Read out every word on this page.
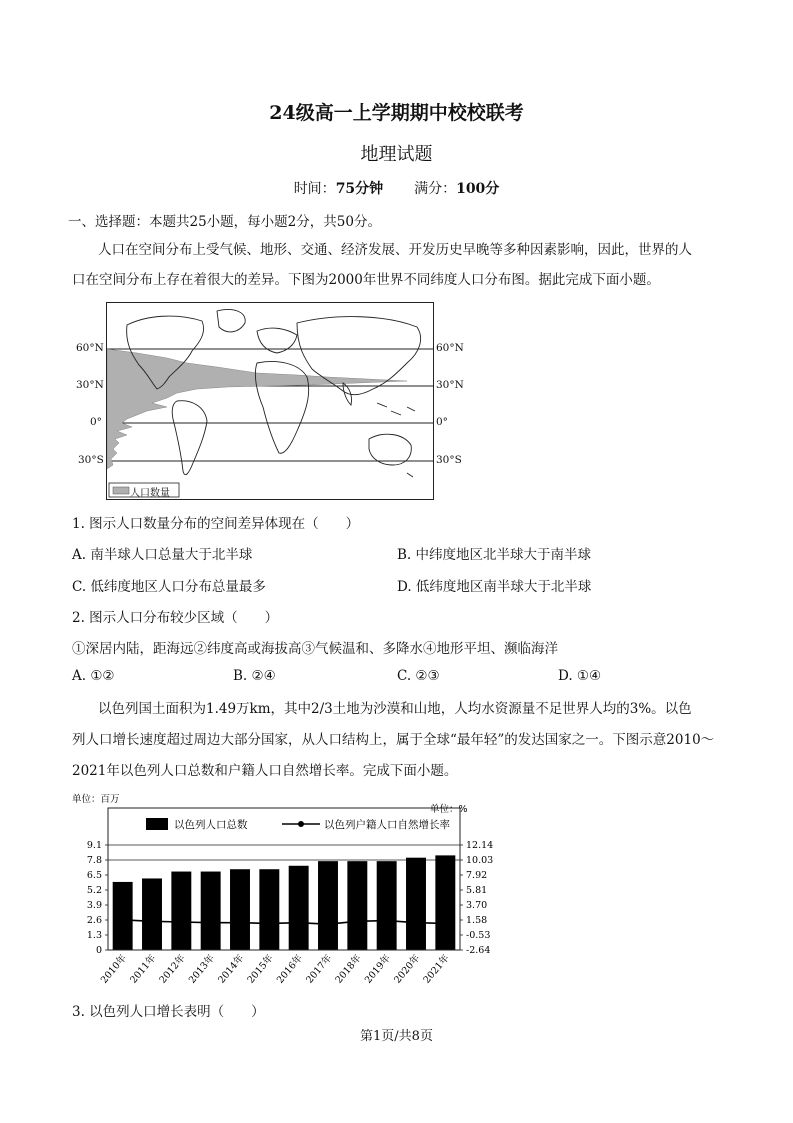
24级高一上学期期中校校联考
地理试题
时间：75分钟 满分：100分
一、选择题：本题共25小题，每小题2分，共50分。
人口在空间分布上受气候、地形、交通、经济发展、开发历史早晚等多种因素影响，因此，世界的人
口在空间分布上存在着很大的差异。下图为2000年世界不同纬度人口分布图。据此完成下面小题。
人口数量
60°N
30°N
0°
30°S
60°N
30°N
0°
30°S
1. 图示人口数量分布的空间差异体现在（　　）
A. 南半球人口总量大于北半球	B. 中纬度地区北半球大于南半球
C. 低纬度地区人口分布总量最多	D. 低纬度地区南半球大于北半球
2. 图示人口分布较少区域（　　）
①深居内陆，距海远②纬度高或海拔高③气候温和、多降水④地形平坦、濒临海洋
A. ①②	B. ②④	C. ②③	D. ①④
以色列国土面积为1.49万km，其中2/3土地为沙漠和山地，人均水资源量不足世界人均的3%。以色
列人口增长速度超过周边大部分国家，从人口结构上，属于全球“最年轻”的发达国家之一。下图示意2010～
2021年以色列人口总数和户籍人口自然增长率。完成下面小题。
单位：百万
单位：%
0
1.3
2.6
3.9
5.2
6.5
7.8
9.1
-2.64
-0.53
1.58
3.70
5.81
7.92
10.03
12.14
以色列人口总数	以色列户籍人口自然增长率
2010年 2011年 2012年 2013年 2014年 2015年 2016年 2017年 2018年 2019年 2020年 2021年
3. 以色列人口增长表明（　　）
第1页/共8页
